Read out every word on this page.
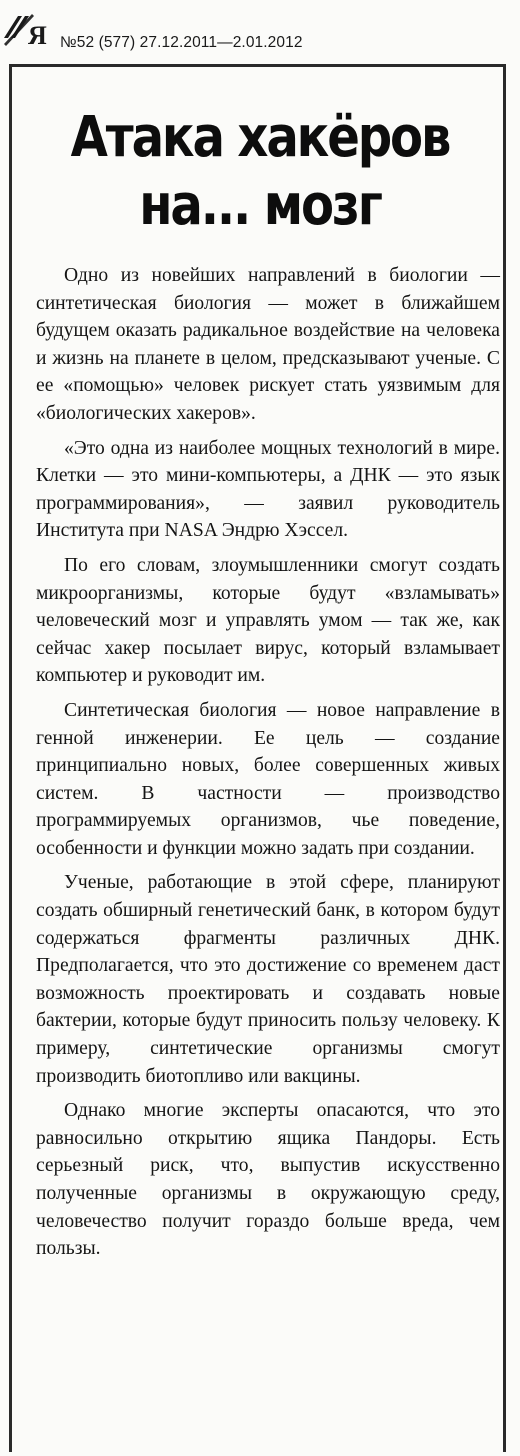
Я №52 (577) 27.12.2011—2.01.2012
Атака хакёров
на... мозг

Одно из новейших направлений в биологии — синтетическая биология — может в ближайшем будущем оказать радикальное воздействие на человека и жизнь на планете в целом, предсказывают ученые. С ее «помощью» человек рискует стать уязвимым для «биологических хакеров».

«Это одна из наиболее мощных технологий в мире. Клетки — это мини-компьютеры, а ДНК — это язык программирования», — заявил руководитель Института при NASA Эндрю Хэссел.

По его словам, злоумышленники смогут создать микроорганизмы, которые будут «взламывать» человеческий мозг и управлять умом — так же, как сейчас хакер посылает вирус, который взламывает компьютер и руководит им.

Синтетическая биология — новое направление в генной инженерии. Ее цель — создание принципиально новых, более совершенных живых систем. В частности — производство программируемых организмов, чье поведение, особенности и функции можно задать при создании.

Ученые, работающие в этой сфере, планируют создать обширный генетический банк, в котором будут содержаться фрагменты различных ДНК. Предполагается, что это достижение со временем даст возможность проектировать и создавать новые бактерии, которые будут приносить пользу человеку. К примеру, синтетические организмы смогут производить биотопливо или вакцины.

Однако многие эксперты опасаются, что это равносильно открытию ящика Пандоры. Есть серьезный риск, что, выпустив искусственно полученные организмы в окружающую среду, человечество получит гораздо больше вреда, чем пользы.
